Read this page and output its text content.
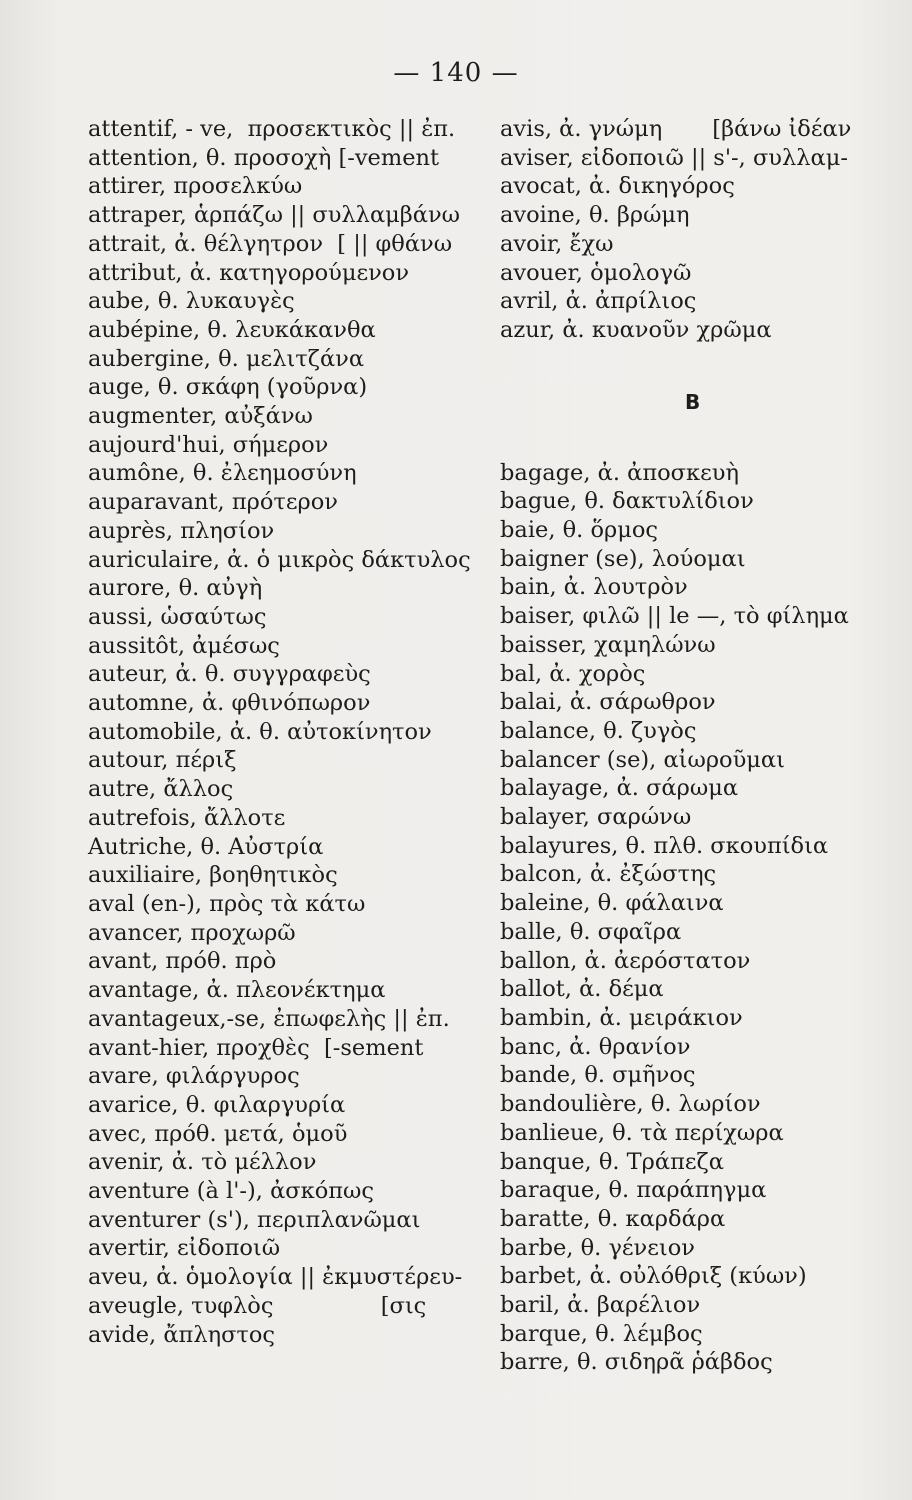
— 140 —
attentif, - ve,  προσεκτικὸς || ἐπ.
attention, θ. προσοχὴ [-vement
attirer, προσελκύω
attraper, ἁρπάζω || συλλαμβάνω
attrait, ἀ. θέλγητρον  [ || φθάνω
attribut, ἀ. κατηγορούμενον
aube, θ. λυκαυγὲς
aubépine, θ. λευκάκανθα
aubergine, θ. μελιτζάνα
auge, θ. σκάφη (γοῦρνα)
augmenter, αὐξάνω
aujourd'hui, σήμερον
aumône, θ. ἐλεημοσύνη
auparavant, πρότερον
auprès, πλησίον
auriculaire, ἀ. ὁ μικρὸς δάκτυλος
aurore, θ. αὐγὴ
aussi, ὡσαύτως
aussitôt, ἀμέσως
auteur, ἀ. θ. συγγραφεὺς
automne, ἀ. φθινόπωρον
automobile, ἀ. θ. αὐτοκίνητον
autour, πέριξ
autre, ἄλλος
autrefois, ἄλλοτε
Autriche, θ. Αὐστρία
auxiliaire, βοηθητικὸς
aval (en-), πρὸς τὰ κάτω
avancer, προχωρῶ
avant, πρόθ. πρὸ
avantage, ἀ. πλεονέκτημα
avantageux,-se, ἐπωφελὴς || ἐπ.
avant-hier, προχθὲς  [-sement
avare, φιλάργυρος
avarice, θ. φιλαργυρία
avec, πρόθ. μετά, ὁμοῦ
avenir, ἀ. τὸ μέλλον
aventure (à l'-), ἀσκόπως
aventurer (s'), περιπλανῶμαι
avertir, εἰδοποιῶ
aveu, ἀ. ὁμολογία || ἐκμυστέρευ-
aveugle, τυφλὸς               [σις
avide, ἄπληστος
avis, ἀ. γνώμη       [βάνω ἰδέαν
aviser, εἰδοποιῶ || s'-, συλλαμ-
avocat, ἀ. δικηγόρος
avoine, θ. βρώμη
avoir, ἔχω
avouer, ὁμολογῶ
avril, ἀ. ἀπρίλιος
azur, ἀ. κυανοῦν χρῶμα
B
bagage, ἀ. ἀποσκευὴ
bague, θ. δακτυλίδιον
baie, θ. ὅρμος
baigner (se), λούομαι
bain, ἀ. λουτρὸν
baiser, φιλῶ || le —, τὸ φίλημα
baisser, χαμηλώνω
bal, ἀ. χορὸς
balai, ἀ. σάρωθρον
balance, θ. ζυγὸς
balancer (se), αἰωροῦμαι
balayage, ἀ. σάρωμα
balayer, σαρώνω
balayures, θ. πλθ. σκουπίδια
balcon, ἀ. ἐξώστης
baleine, θ. φάλαινα
balle, θ. σφαῖρα
ballon, ἀ. ἀερόστατον
ballot, ἀ. δέμα
bambin, ἀ. μειράκιον
banc, ἀ. θρανίον
bande, θ. σμῆνος
bandoulière, θ. λωρίον
banlieue, θ. τὰ περίχωρα
banque, θ. Τράπεζα
baraque, θ. παράπηγμα
baratte, θ. καρδάρα
barbe, θ. γένειον
barbet, ἀ. οὐλόθριξ (κύων)
baril, ἀ. βαρέλιον
barque, θ. λέμβος
barre, θ. σιδηρᾶ ῥάβδος
